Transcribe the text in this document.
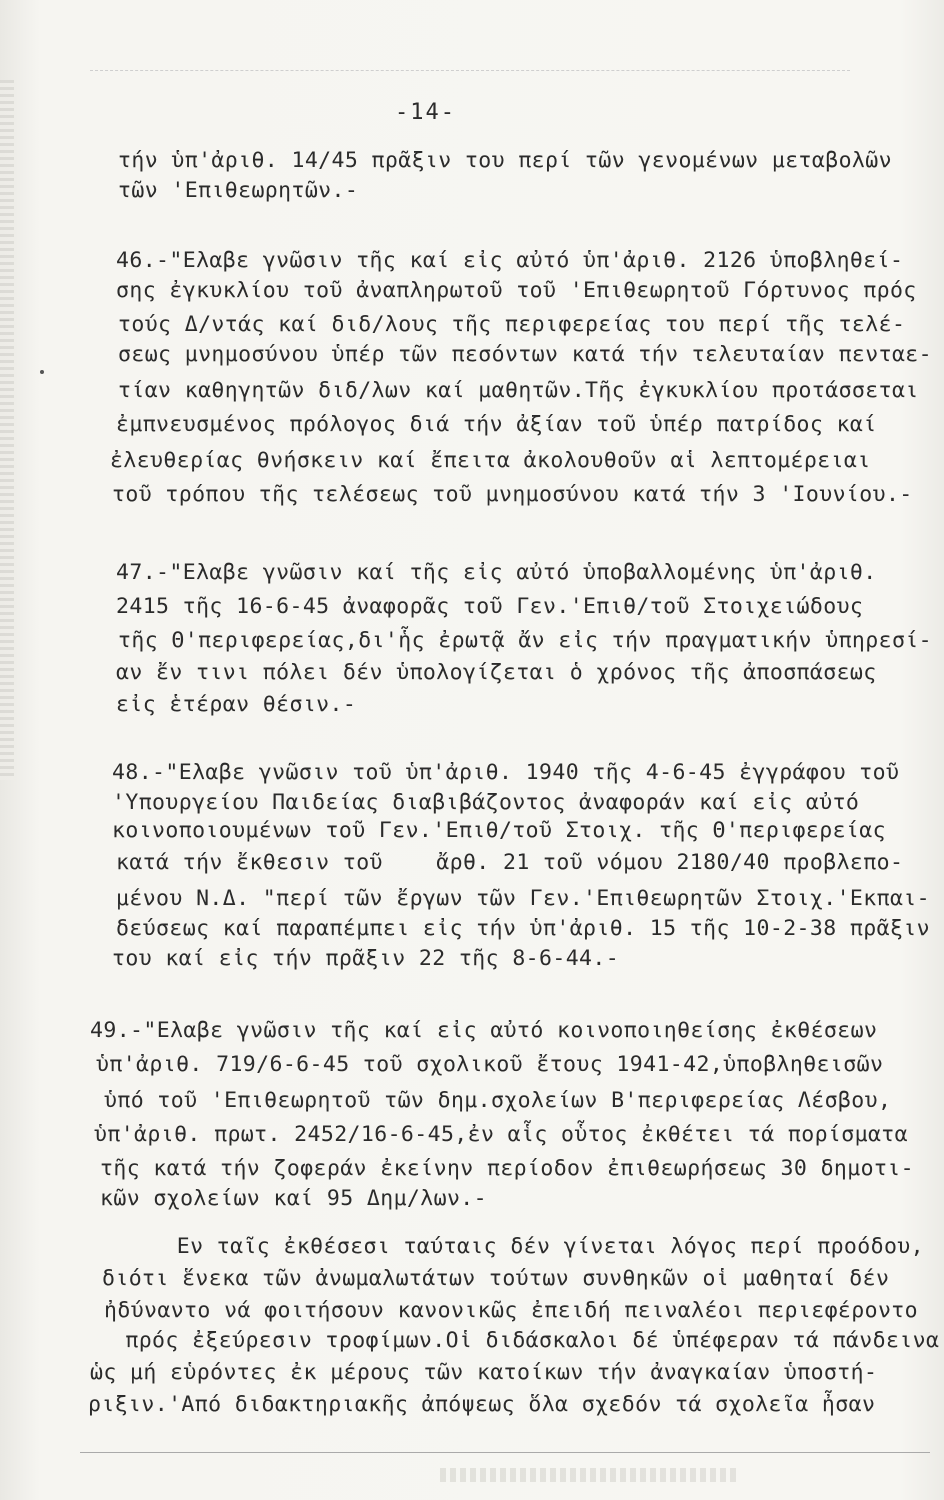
-14-
τήν ὑπ'ἀριθ. 14/45 πρᾶξιν του περί τῶν γενομένων μεταβολῶν
τῶν 'Επιθεωρητῶν.-
46.-"Ελαβε γνῶσιν τῆς καί εἰς αὐτό ὑπ'ἀριθ. 2126 ὑποβληθεί-
σης ἐγκυκλίου τοῦ ἀναπληρωτοῦ τοῦ 'Επιθεωρητοῦ Γόρτυνος πρός
τούς Δ/ντάς καί διδ/λους τῆς περιφερείας του περί τῆς τελέ-
σεως μνημοσύνου ὑπέρ τῶν πεσόντων κατά τήν τελευταίαν πενταε-
τίαν καθηγητῶν διδ/λων καί μαθητῶν.Τῆς ἐγκυκλίου προτάσσεται
ἐμπνευσμένος πρόλογος διά τήν ἀξίαν τοῦ ὑπέρ πατρίδος καί
ἐλευθερίας θνήσκειν καί ἔπειτα ἀκολουθοῦν αἱ λεπτομέρειαι
τοῦ τρόπου τῆς τελέσεως τοῦ μνημοσύνου κατά τήν 3 'Ιουνίου.-
47.-"Ελαβε γνῶσιν καί τῆς εἰς αὐτό ὑποβαλλομένης ὑπ'ἀριθ.
2415 τῆς 16-6-45 ἀναφορᾶς τοῦ Γεν.'Επιθ/τοῦ Στοιχειώδους
τῆς Θ'περιφερείας,δι'ἧς ἐρωτᾷ ἄν εἰς τήν πραγματικήν ὑπηρεσί-
αν ἔν τινι πόλει δέν ὑπολογίζεται ὁ χρόνος τῆς ἀποσπάσεως
εἰς ἑτέραν θέσιν.-
48.-"Ελαβε γνῶσιν τοῦ ὑπ'ἀριθ. 1940 τῆς 4-6-45 ἐγγράφου τοῦ
'Υπουργείου Παιδείας διαβιβάζοντος ἀναφοράν καί εἰς αὐτό
κοινοποιουμένων τοῦ Γεν.'Επιθ/τοῦ Στοιχ. τῆς Θ'περιφερείας
κατά τήν ἔκθεσιν τοῦ    ἄρθ. 21 τοῦ νόμου 2180/40 προβλεπο-
μένου Ν.Δ. "περί τῶν ἔργων τῶν Γεν.'Επιθεωρητῶν Στοιχ.'Εκπαι-
δεύσεως καί παραπέμπει εἰς τήν ὑπ'ἀριθ. 15 τῆς 10-2-38 πρᾶξιν
του καί εἰς τήν πρᾶξιν 22 τῆς 8-6-44.-
49.-"Ελαβε γνῶσιν τῆς καί εἰς αὐτό κοινοποιηθείσης ἐκθέσεων
ὑπ'ἀριθ. 719/6-6-45 τοῦ σχολικοῦ ἔτους 1941-42,ὑποβληθεισῶν
ὑπό τοῦ 'Επιθεωρητοῦ τῶν δημ.σχολείων Β'περιφερείας Λέσβου,
ὑπ'ἀριθ. πρωτ. 2452/16-6-45,ἐν αἷς οὗτος ἐκθέτει τά πορίσματα
τῆς κατά τήν ζοφεράν ἐκείνην περίοδον ἐπιθεωρήσεως 30 δημοτι-
κῶν σχολείων καί 95 Δημ/λων.-
Εν ταῖς ἐκθέσεσι ταύταις δέν γίνεται λόγος περί προόδου,
διότι ἕνεκα τῶν ἀνωμαλωτάτων τούτων συνθηκῶν οἱ μαθηταί δέν
ἠδύναντο νά φοιτήσουν κανονικῶς ἐπειδή πειναλέοι περιεφέροντο
πρός ἐξεύρεσιν τροφίμων.Οἱ διδάσκαλοι δέ ὑπέφεραν τά πάνδεινα
ὡς μή εὑρόντες ἐκ μέρους τῶν κατοίκων τήν ἀναγκαίαν ὑποστή-
ριξιν.'Από διδακτηριακῆς ἀπόψεως ὅλα σχεδόν τά σχολεῖα ἦσαν
